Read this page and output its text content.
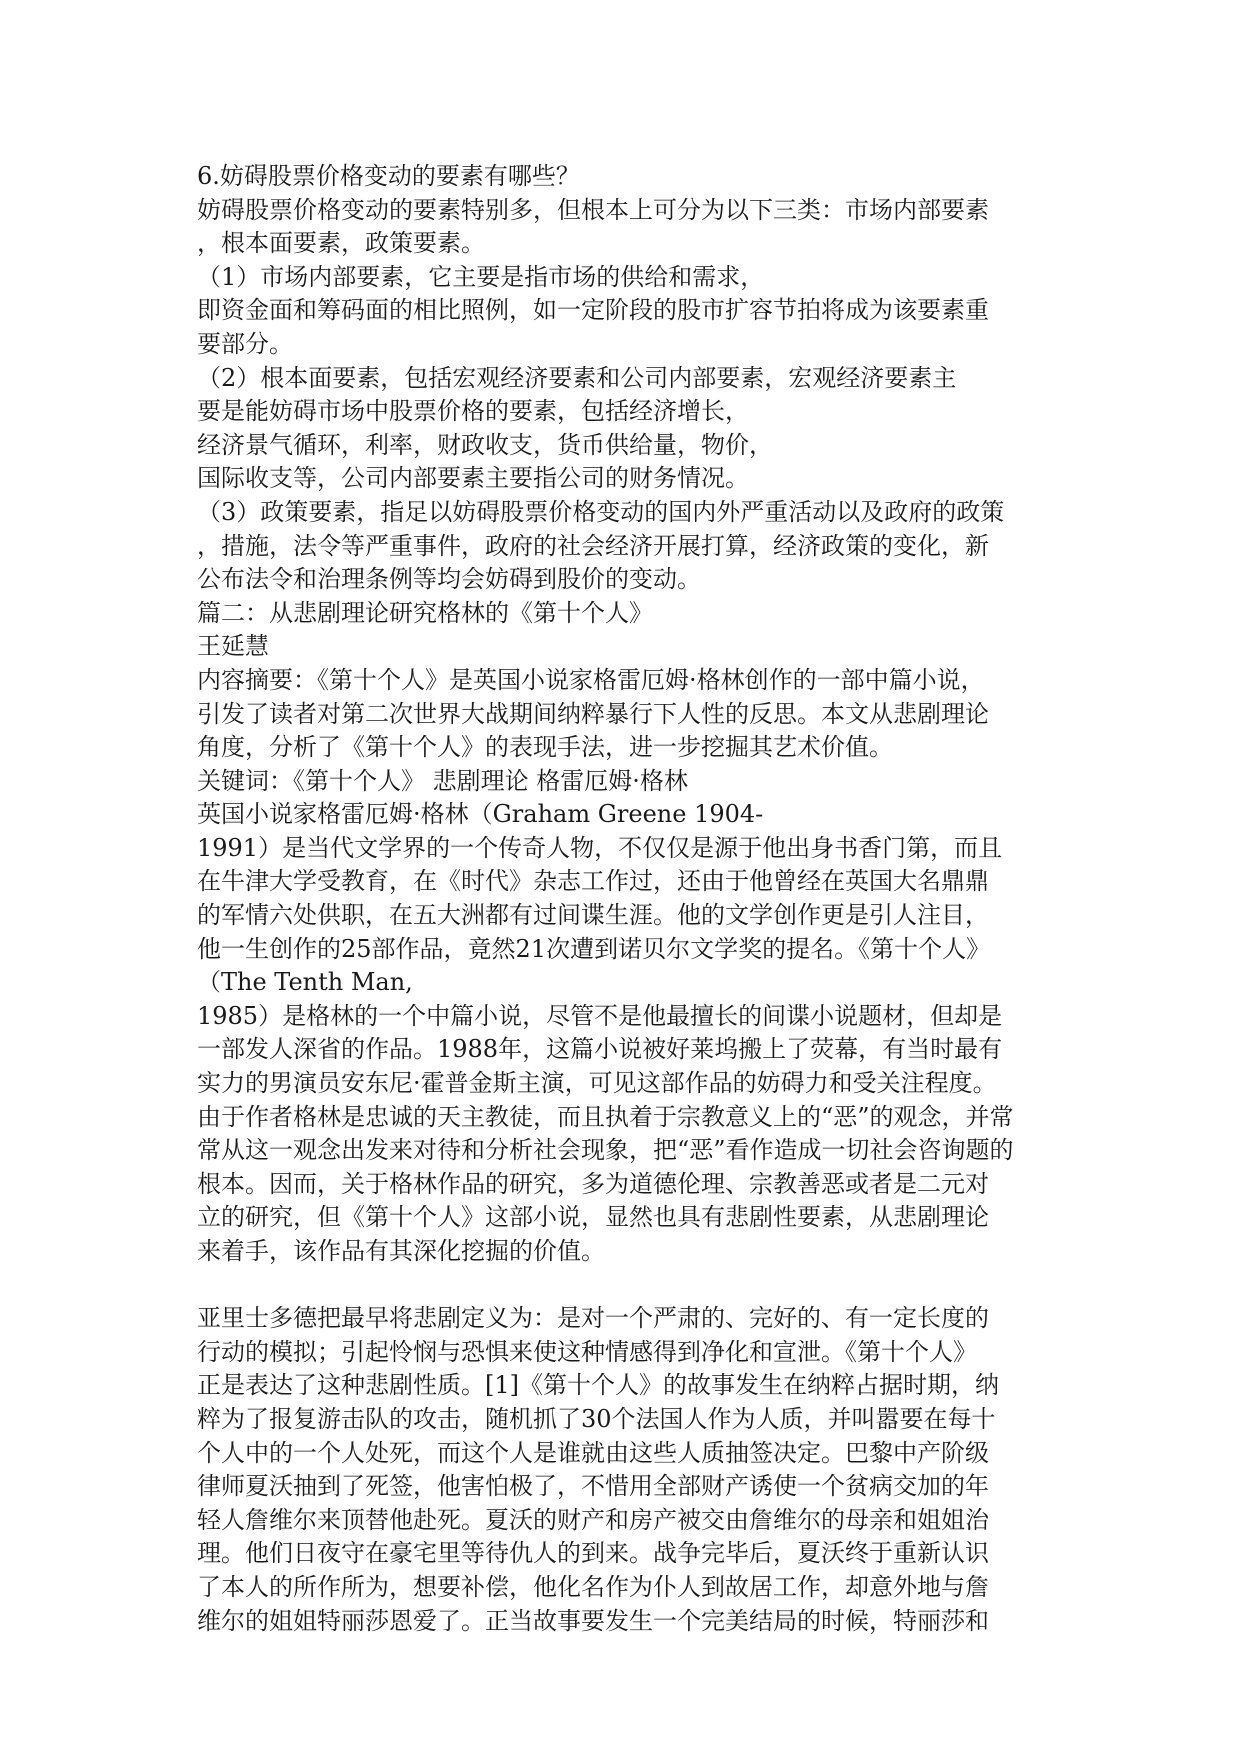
6.妨碍股票价格变动的要素有哪些？
妨碍股票价格变动的要素特别多，但根本上可分为以下三类：市场内部要素
，根本面要素，政策要素。
（1）市场内部要素，它主要是指市场的供给和需求，
即资金面和筹码面的相比照例，如一定阶段的股市扩容节拍将成为该要素重
要部分。
（2）根本面要素，包括宏观经济要素和公司内部要素，宏观经济要素主
要是能妨碍市场中股票价格的要素，包括经济增长，
经济景气循环，利率，财政收支，货币供给量，物价，
国际收支等，公司内部要素主要指公司的财务情况。
（3）政策要素，指足以妨碍股票价格变动的国内外严重活动以及政府的政策
，措施，法令等严重事件，政府的社会经济开展打算，经济政策的变化，新
公布法令和治理条例等均会妨碍到股价的变动。
篇二：从悲剧理论研究格林的《第十个人》
王延慧
内容摘要：《第十个人》是英国小说家格雷厄姆·格林创作的一部中篇小说，
引发了读者对第二次世界大战期间纳粹暴行下人性的反思。本文从悲剧理论
角度，分析了《第十个人》的表现手法，进一步挖掘其艺术价值。
关键词：《第十个人》 悲剧理论 格雷厄姆·格林
英国小说家格雷厄姆·格林（Graham Greene 1904-
1991）是当代文学界的一个传奇人物，不仅仅是源于他出身书香门第，而且
在牛津大学受教育，在《时代》杂志工作过，还由于他曾经在英国大名鼎鼎
的军情六处供职，在五大洲都有过间谍生涯。他的文学创作更是引人注目，
他一生创作的25部作品，竟然21次遭到诺贝尔文学奖的提名。《第十个人》
（The Tenth Man,
1985）是格林的一个中篇小说，尽管不是他最擅长的间谍小说题材，但却是
一部发人深省的作品。1988年，这篇小说被好莱坞搬上了荧幕，有当时最有
实力的男演员安东尼·霍普金斯主演，可见这部作品的妨碍力和受关注程度。
由于作者格林是忠诚的天主教徒，而且执着于宗教意义上的“恶”的观念，并常
常从这一观念出发来对待和分析社会现象，把“恶”看作造成一切社会咨询题的
根本。因而，关于格林作品的研究，多为道德伦理、宗教善恶或者是二元对
立的研究，但《第十个人》这部小说，显然也具有悲剧性要素，从悲剧理论
来着手，该作品有其深化挖掘的价值。
亚里士多德把最早将悲剧定义为：是对一个严肃的、完好的、有一定长度的
行动的模拟；引起怜悯与恐惧来使这种情感得到净化和宣泄。《第十个人》
正是表达了这种悲剧性质。[1]《第十个人》的故事发生在纳粹占据时期，纳
粹为了报复游击队的攻击，随机抓了30个法国人作为人质，并叫嚣要在每十
个人中的一个人处死，而这个人是谁就由这些人质抽签决定。巴黎中产阶级
律师夏沃抽到了死签，他害怕极了，不惜用全部财产诱使一个贫病交加的年
轻人詹维尔来顶替他赴死。夏沃的财产和房产被交由詹维尔的母亲和姐姐治
理。他们日夜守在豪宅里等待仇人的到来。战争完毕后，夏沃终于重新认识
了本人的所作所为，想要补偿，他化名作为仆人到故居工作，却意外地与詹
维尔的姐姐特丽莎恩爱了。正当故事要发生一个完美结局的时候，特丽莎和
